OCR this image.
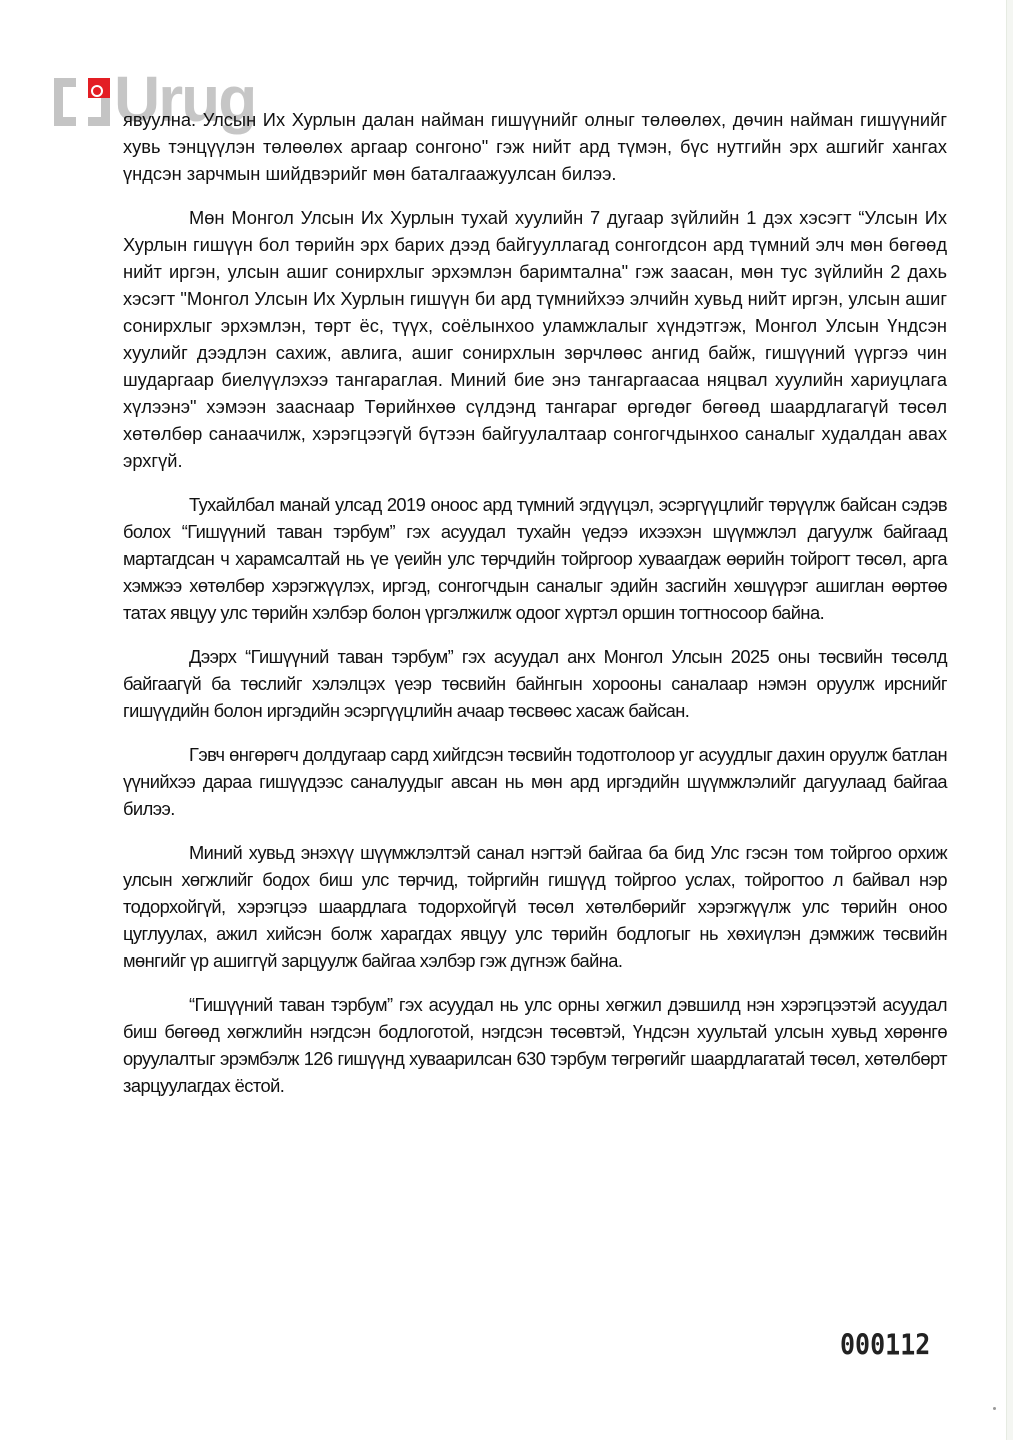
Urug

явуулна. Улсын Их Хурлын далан найман гишүүнийг олныг төлөөлөх, дөчин найман гишүүнийг хувь тэнцүүлэн төлөөлөх аргаар сонгоно" гэж нийт ард түмэн, бүс нутгийн эрх ашгийг хангах үндсэн зарчмын шийдвэрийг мөн баталгаажуулсан билээ.

Мөн Монгол Улсын Их Хурлын тухай хуулийн 7 дугаар зүйлийн 1 дэх хэсэгт “Улсын Их Хурлын гишүүн бол төрийн эрх барих дээд байгууллагад сонгогдсон ард түмний элч мөн бөгөөд нийт иргэн, улсын ашиг сонирхлыг эрхэмлэн баримтална" гэж заасан, мөн тус зүйлийн 2 дахь хэсэгт "Монгол Улсын Их Хурлын гишүүн би ард түмнийхээ элчийн хувьд нийт иргэн, улсын ашиг сонирхлыг эрхэмлэн, төрт ёс, түүх, соёлынхоо уламжлалыг хүндэтгэж, Монгол Улсын Үндсэн хуулийг дээдлэн сахиж, авлига, ашиг сонирхлын зөрчлөөс ангид байж, гишүүний үүргээ чин шударгаар биелүүлэхээ тангараглая. Миний бие энэ тангаргаасаа няцвал хуулийн хариуцлага хүлээнэ" хэмээн зааснаар Төрийнхөө сүлдэнд тангараг өргөдөг бөгөөд шаардлагагүй төсөл хөтөлбөр санаачилж, хэрэгцээгүй бүтээн байгуулалтаар сонгогчдынхоо саналыг худалдан авах эрхгүй.

Тухайлбал манай улсад 2019 оноос ард түмний эгдүүцэл, эсэргүүцлийг төрүүлж байсан сэдэв болох “Гишүүний таван тэрбум” гэх асуудал тухайн үедээ ихээхэн шүүмжлэл дагуулж байгаад мартагдсан ч харамсалтай нь үе үеийн улс төрчдийн тойргоор хуваагдаж өөрийн тойрогт төсөл, арга хэмжээ хөтөлбөр хэрэгжүүлэх, иргэд, сонгогчдын саналыг эдийн засгийн хөшүүрэг ашиглан өөртөө татах явцуу улс төрийн хэлбэр болон үргэлжилж одоог хүртэл оршин тогтносоор байна.

Дээрх “Гишүүний таван тэрбум” гэх асуудал анх Монгол Улсын 2025 оны төсвийн төсөлд байгаагүй ба төслийг хэлэлцэх үеэр төсвийн байнгын хорооны саналаар нэмэн оруулж ирснийг гишүүдийн болон иргэдийн эсэргүүцлийн ачаар төсвөөс хасаж байсан.

Гэвч өнгөрөгч долдугаар сард хийгдсэн төсвийн тодотголоор уг асуудлыг дахин оруулж батлан үүнийхээ дараа гишүүдээс саналуудыг авсан нь мөн ард иргэдийн шүүмжлэлийг дагуулаад байгаа билээ.

Миний хувьд энэхүү шүүмжлэлтэй санал нэгтэй байгаа ба бид Улс гэсэн том тойргоо орхиж улсын хөгжлийг бодох биш улс төрчид, тойргийн гишүүд тойргоо услах, тойрогтоо л байвал нэр тодорхойгүй, хэрэгцээ шаардлага тодорхойгүй төсөл хөтөлбөрийг хэрэгжүүлж улс төрийн оноо цуглуулах, ажил хийсэн болж харагдах явцуу улс төрийн бодлогыг нь хөхиүлэн дэмжиж төсвийн мөнгийг үр ашиггүй зарцуулж байгаа хэлбэр гэж дүгнэж байна.

“Гишүүний таван тэрбум” гэх асуудал нь улс орны хөгжил дэвшилд нэн хэрэгцээтэй асуудал биш бөгөөд хөгжлийн нэгдсэн бодлоготой, нэгдсэн төсөвтэй, Үндсэн хуультай улсын хувьд хөрөнгө оруулалтыг эрэмбэлж 126 гишүүнд хуваарилсан 630 тэрбум төгрөгийг шаардлагатай төсөл, хөтөлбөрт зарцуулагдах ёстой.

000112
